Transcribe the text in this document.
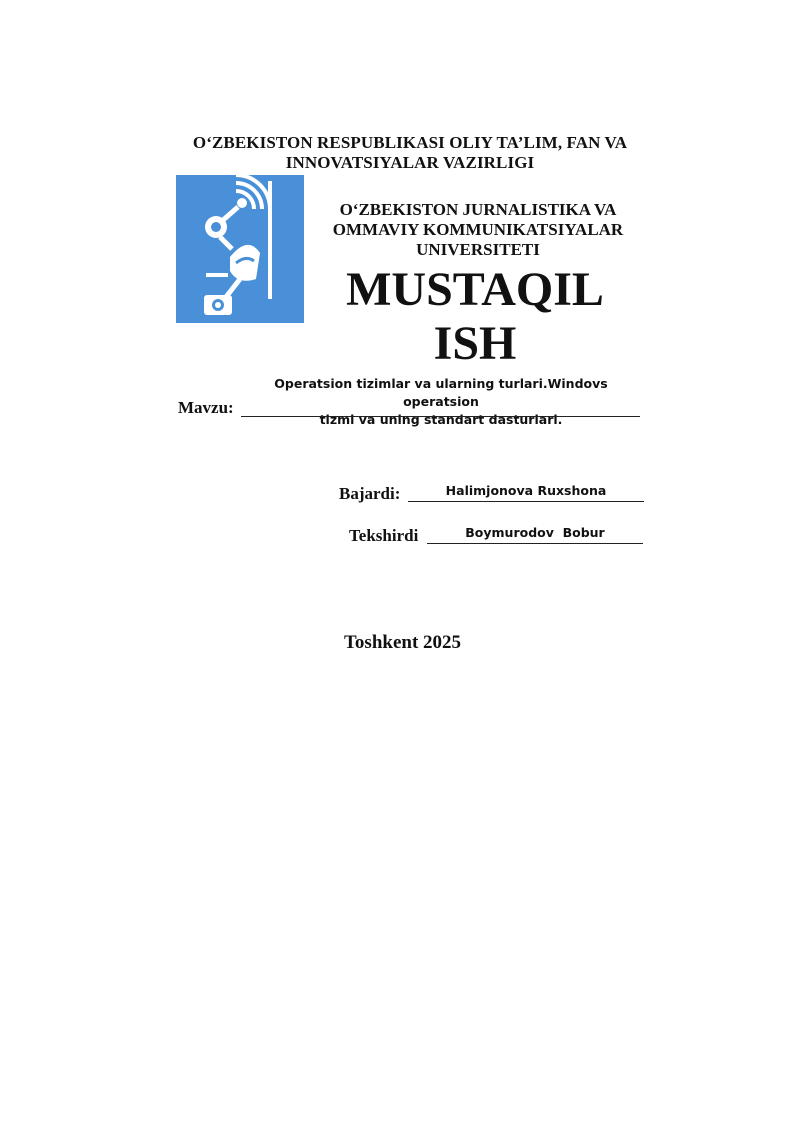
O‘ZBEKISTON RESPUBLIKASI OLIY TA’LIM, FAN VA
INNOVATSIYALAR VAZIRLIGI
O‘ZBEKISTON JURNALISTIKA VA
OMMAVIY KOMMUNIKATSIYALAR
UNIVERSITETI
MUSTAQIL
ISH
Mavzu:
Operatsion tizimlar va ularning turlari.Windovs operatsion
tizmi va uning standart dasturlari.
Bajardi:	Halimjonova Ruxshona
Tekshirdi	Boymurodov  Bobur
Toshkent 2025
